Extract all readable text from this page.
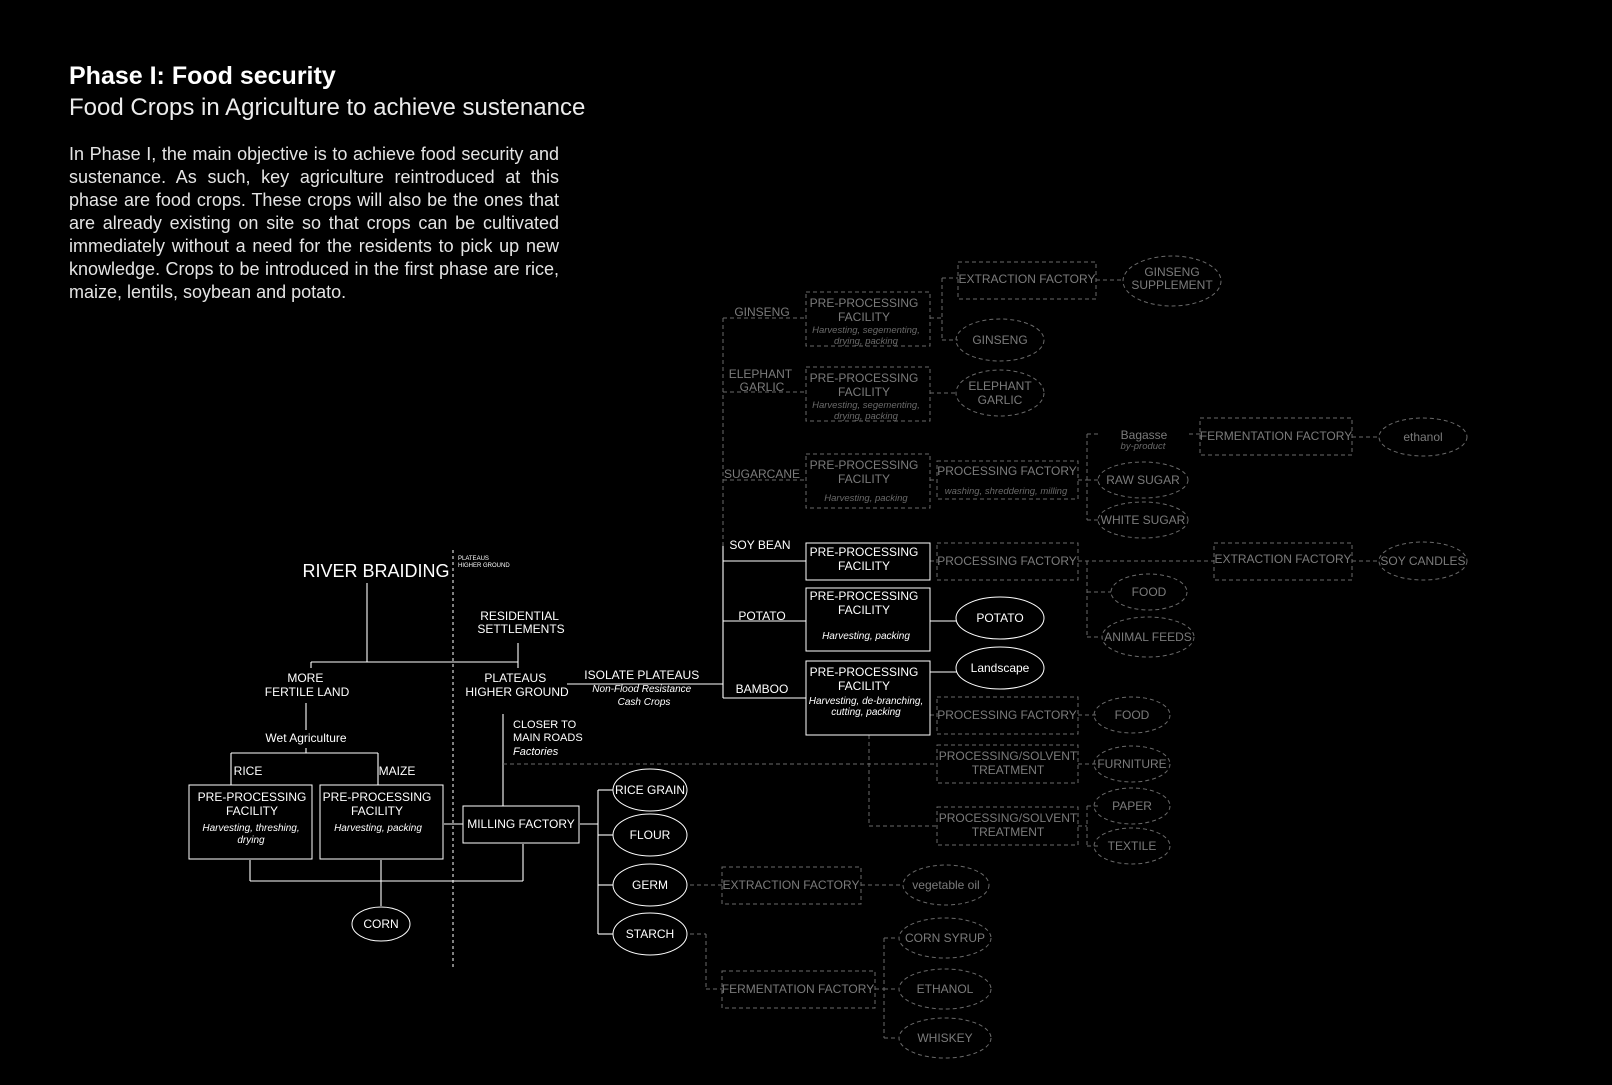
Phase I: Food security
Food Crops in Agriculture to achieve sustenance

In Phase I, the main objective is to achieve food security and sustenance. As such, key agriculture reintroduced at this phase are food crops. These crops will also be the ones that are already existing on site so that crops can be cultivated immediately without a need for the residents to pick up new knowledge. Crops to be introduced in the first phase are rice, maize, lentils, soybean and potato.

RIVER BRAIDING
PLATEAUS HIGHER GROUND
RESIDENTIAL SETTLEMENTS
MORE FERTILE LAND
PLATEAUS HIGHER GROUND
ISOLATE PLATEAUS Non-Flood Resistance Cash Crops
CLOSER TO MAIN ROADS Factories
Wet Agriculture
RICE	MAIZE
PRE-PROCESSING FACILITY
Harvesting, threshing, drying
PRE-PROCESSING FACILITY
Harvesting, packing
CORN
MILLING FACTORY
RICE GRAIN
FLOUR
GERM
STARCH
EXTRACTION FACTORY	vegetable oil
FERMENTATION FACTORY
CORN SYRUP
ETHANOL
WHISKEY
GINSENG
ELEPHANT GARLIC
SUGARCANE
SOY BEAN
POTATO
BAMBOO
PRE-PROCESSING FACILITY
Harvesting, segementing, drying, packing
PRE-PROCESSING FACILITY
Harvesting, segementing, drying, packing
PRE-PROCESSING FACILITY
Harvesting, packing
PRE-PROCESSING FACILITY
PRE-PROCESSING FACILITY
Harvesting, packing
PRE-PROCESSING FACILITY
Harvesting, de-branching, cutting, packing
EXTRACTION FACTORY	GINSENG SUPPLEMENT
GINSENG
ELEPHANT GARLIC
PROCESSING FACTORY
washing, shreddering, milling
Bagasse
by-product
FERMENTATION FACTORY	ethanol
RAW SUGAR
WHITE SUGAR
PROCESSING FACTORY	EXTRACTION FACTORY SOY CANDLES
FOOD
ANIMAL FEEDS
POTATO
Landscape
PROCESSING FACTORY	FOOD
PROCESSING/SOLVENT TREATMENT	FURNITURE
PROCESSING/SOLVENT TREATMENT
PAPER
TEXTILE
